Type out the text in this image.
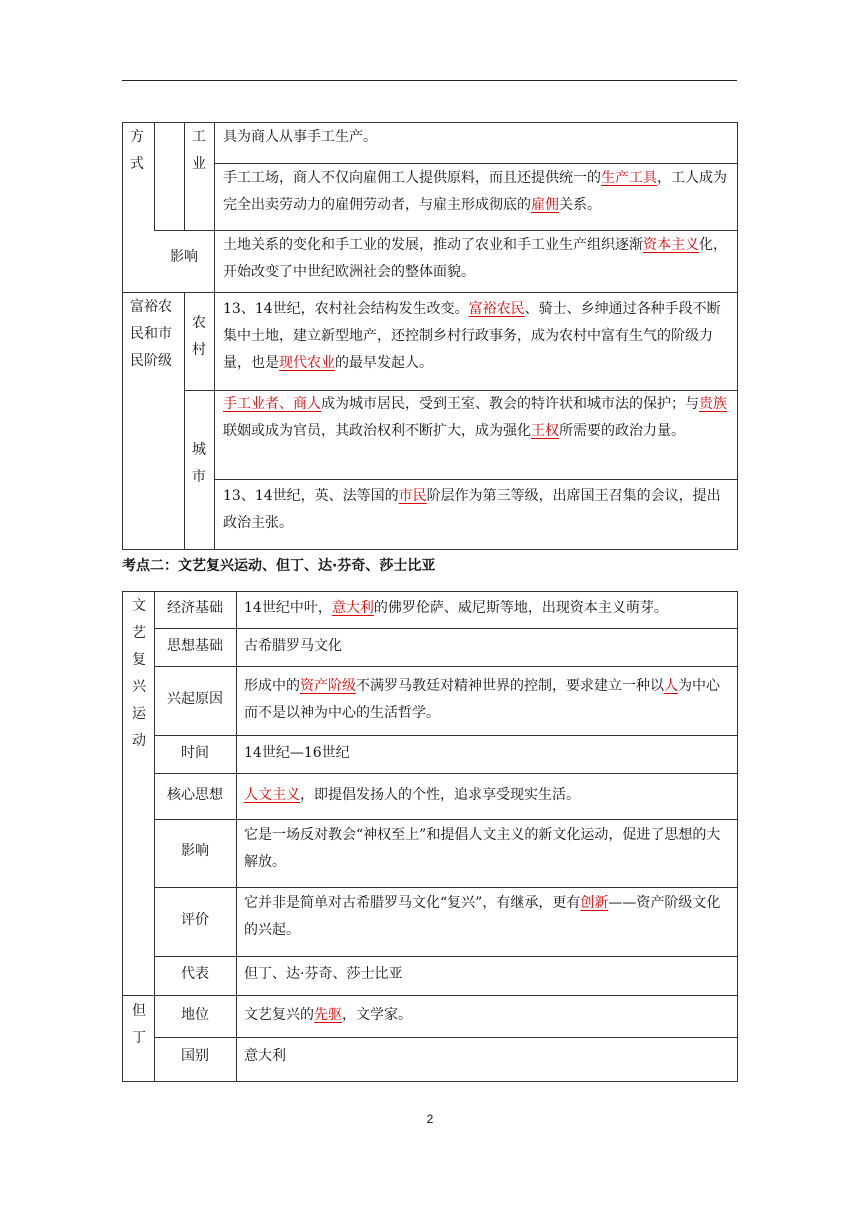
方式
富裕农民和市民阶级
工业
影响
农村
城市
具为商人从事手工生产。
手工工场，商人不仅向雇佣工人提供原料，而且还提供统一的生产工具，工人成为完全出卖劳动力的雇佣劳动者，与雇主形成彻底的雇佣关系。
土地关系的变化和手工业的发展，推动了农业和手工业生产组织逐渐资本主义化，开始改变了中世纪欧洲社会的整体面貌。
13、14世纪，农村社会结构发生改变。富裕农民、骑士、乡绅通过各种手段不断集中土地，建立新型地产，还控制乡村行政事务，成为农村中富有生气的阶级力量，也是现代农业的最早发起人。
手工业者、商人成为城市居民，受到王室、教会的特许状和城市法的保护；与贵族联姻或成为官员，其政治权利不断扩大，成为强化王权所需要的政治力量。
13、14世纪，英、法等国的市民阶层作为第三等级，出席国王召集的会议，提出政治主张。
考点二：文艺复兴运动、但丁、达·芬奇、莎士比亚
文艺复兴运动
但丁
经济基础
思想基础
兴起原因
时间
核心思想
影响
评价
代表
地位
国别
14世纪中叶，意大利的佛罗伦萨、威尼斯等地，出现资本主义萌芽。
古希腊罗马文化
形成中的资产阶级不满罗马教廷对精神世界的控制，要求建立一种以人为中心而不是以神为中心的生活哲学。
14世纪—16世纪
人文主义，即提倡发扬人的个性，追求享受现实生活。
它是一场反对教会“神权至上”和提倡人文主义的新文化运动，促进了思想的大解放。
它并非是简单对古希腊罗马文化“复兴”，有继承，更有创新——资产阶级文化的兴起。
但丁、达·芬奇、莎士比亚
文艺复兴的先驱，文学家。
意大利
2
